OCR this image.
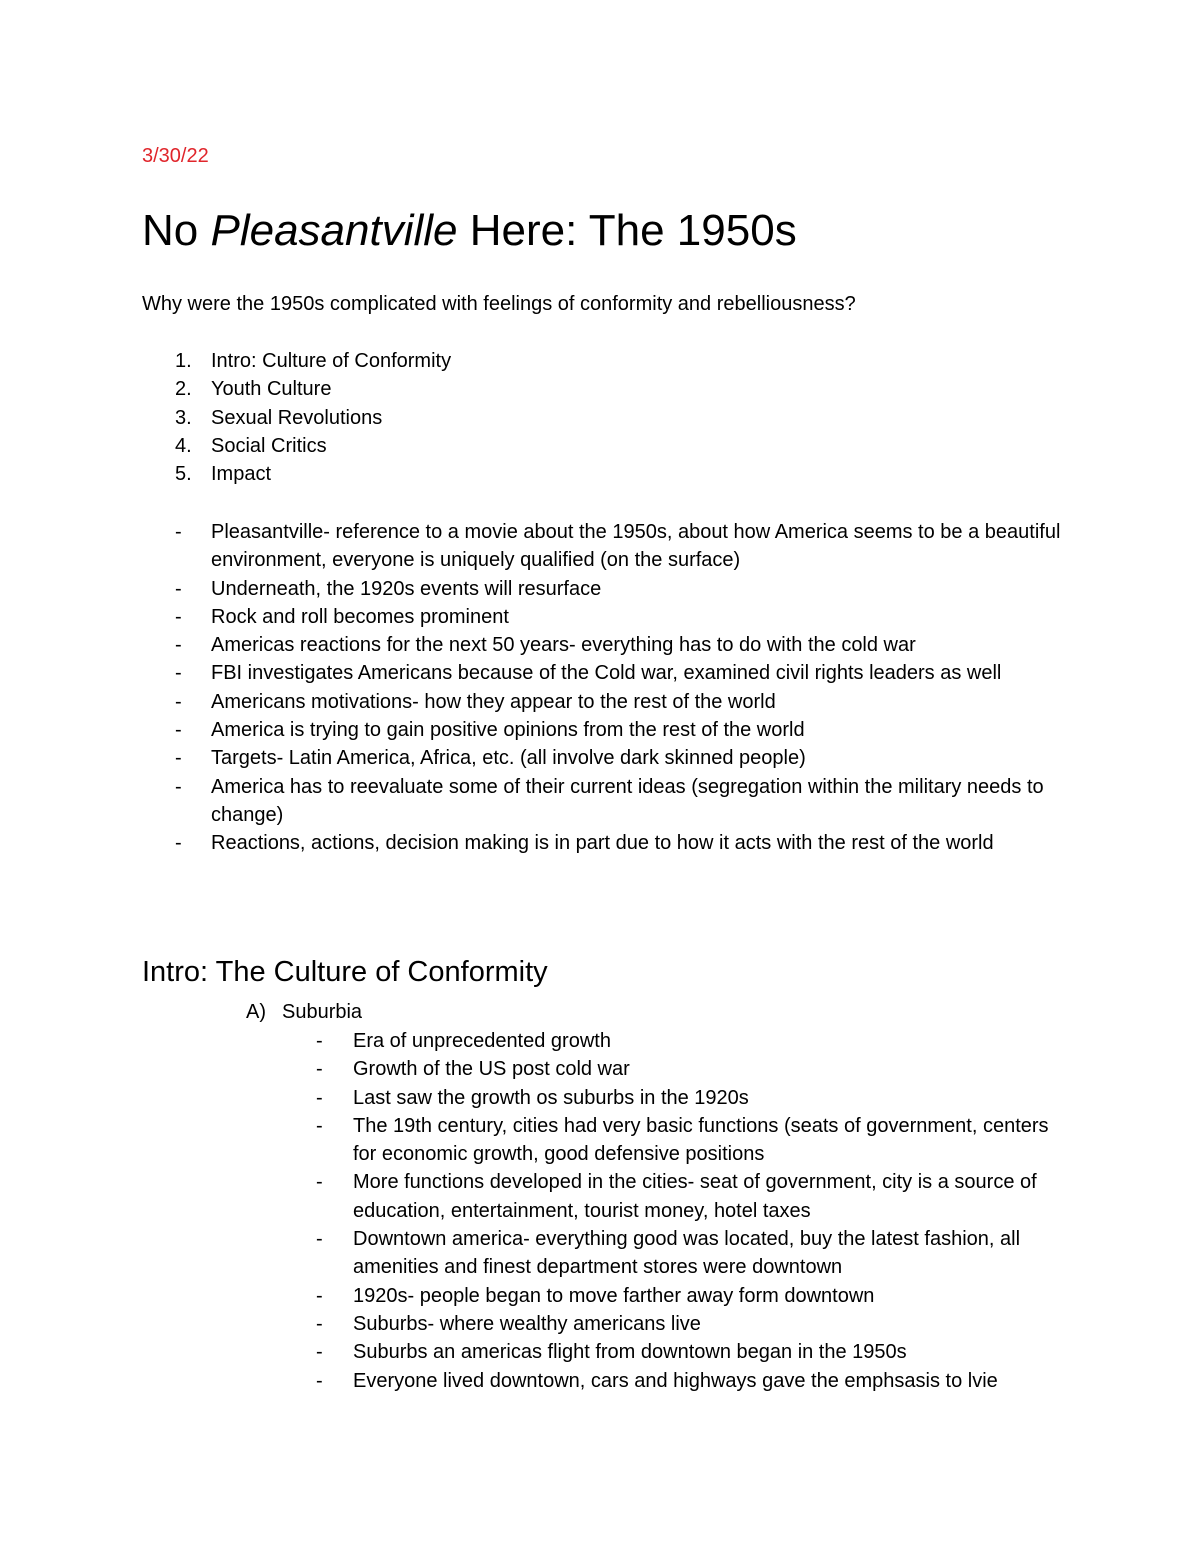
3/30/22
No Pleasantville Here: The 1950s
Why were the 1950s complicated with feelings of conformity and rebelliousness?
1. Intro: Culture of Conformity
2. Youth Culture
3. Sexual Revolutions
4. Social Critics
5. Impact
- Pleasantville- reference to a movie about the 1950s, about how America seems to be a beautiful environment, everyone is uniquely qualified (on the surface)
- Underneath, the 1920s events will resurface
- Rock and roll becomes prominent
- Americas reactions for the next 50 years- everything has to do with the cold war
- FBI investigates Americans because of the Cold war, examined civil rights leaders as well
- Americans motivations- how they appear to the rest of the world
- America is trying to gain positive opinions from the rest of the world
- Targets- Latin America, Africa, etc. (all involve dark skinned people)
- America has to reevaluate some of their current ideas (segregation within the military needs to change)
- Reactions, actions, decision making is in part due to how it acts with the rest of the world
Intro: The Culture of Conformity
A) Suburbia
- Era of unprecedented growth
- Growth of the US post cold war
- Last saw the growth os suburbs in the 1920s
- The 19th century, cities had very basic functions (seats of government, centers for economic growth, good defensive positions
- More functions developed in the cities- seat of government, city is a source of education, entertainment, tourist money, hotel taxes
- Downtown america- everything good was located, buy the latest fashion, all amenities and finest department stores were downtown
- 1920s- people began to move farther away form downtown
- Suburbs- where wealthy americans live
- Suburbs an americas flight from downtown began in the 1950s
- Everyone lived downtown, cars and highways gave the emphsasis to lvie
